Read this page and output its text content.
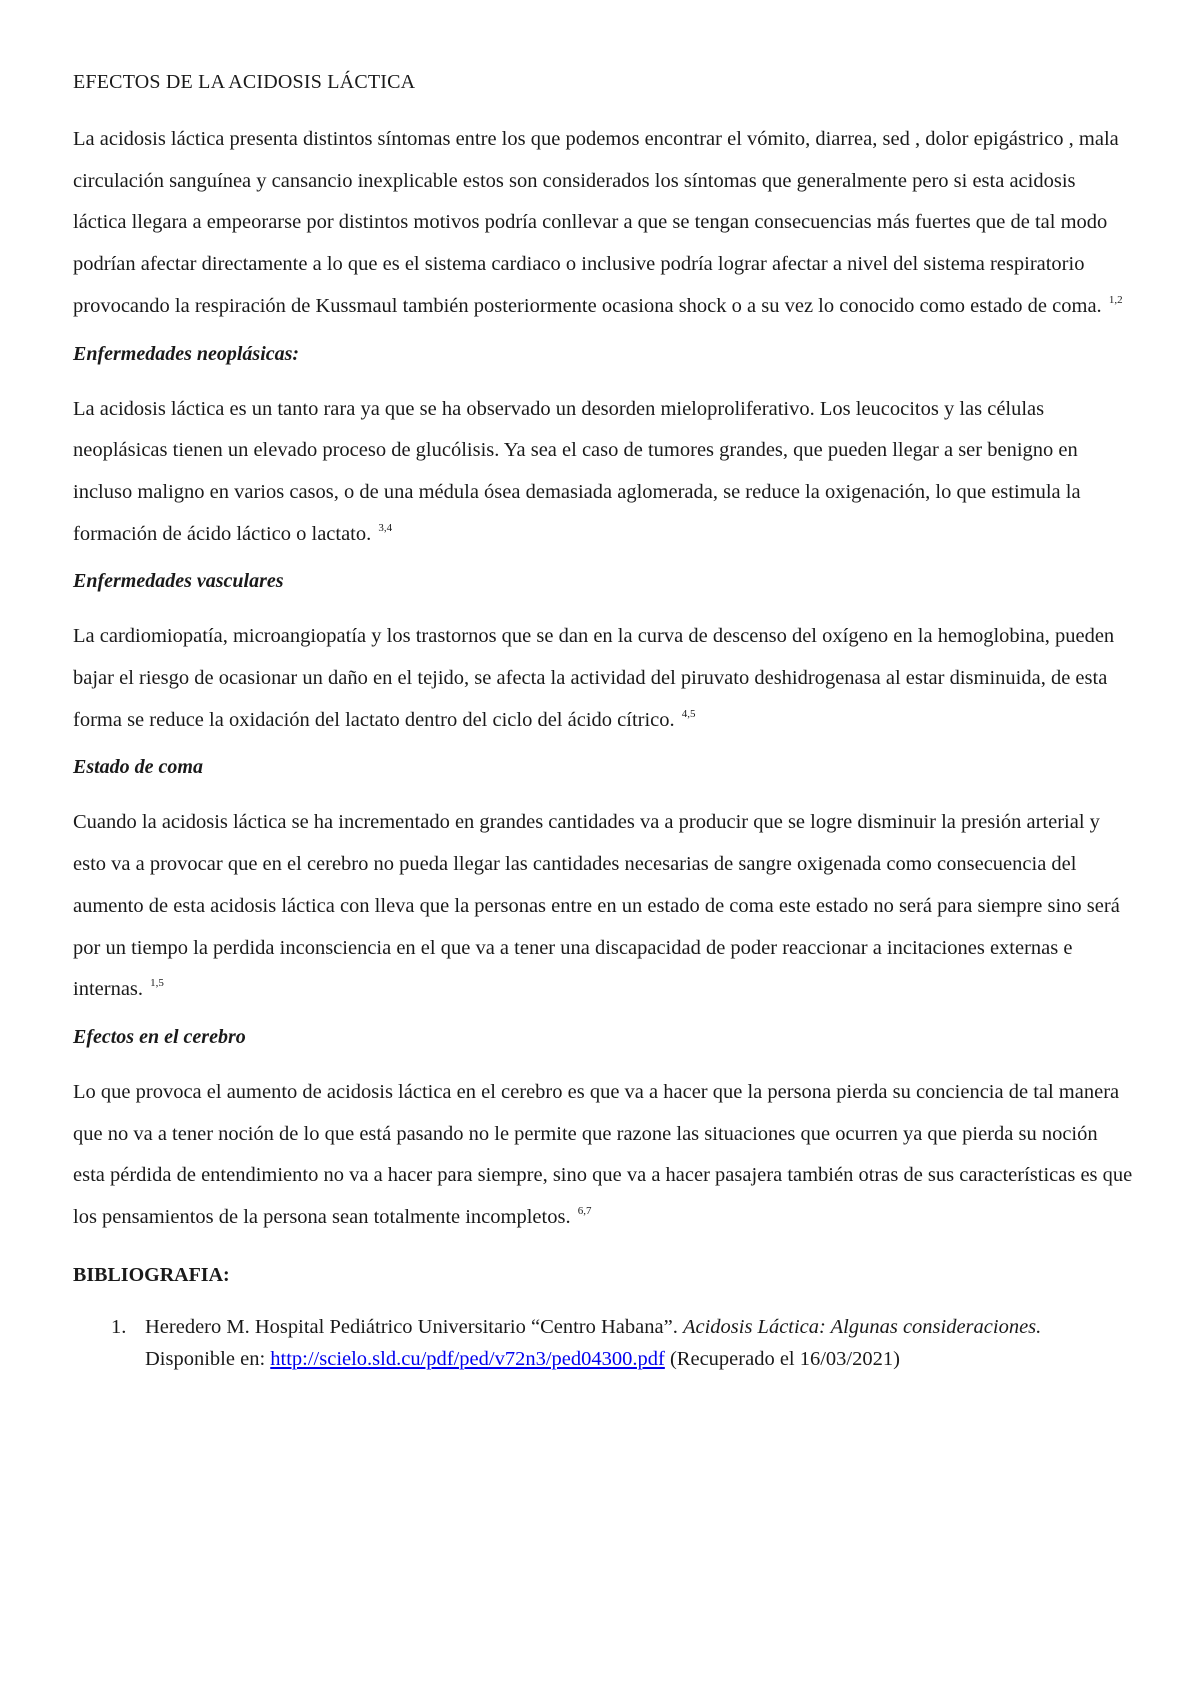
EFECTOS DE LA ACIDOSIS LÁCTICA

La acidosis láctica presenta distintos síntomas entre los que podemos encontrar el vómito, diarrea, sed , dolor epigástrico , mala circulación sanguínea y cansancio inexplicable estos son considerados los síntomas que generalmente pero si esta acidosis láctica llegara a empeorarse por distintos motivos podría conllevar a que se tengan consecuencias más fuertes que de tal modo podrían afectar directamente a lo que es el sistema cardiaco o inclusive podría lograr afectar a nivel del sistema respiratorio provocando la respiración de Kussmaul también posteriormente ocasiona shock o a su vez lo conocido como estado de coma. $^{1,2}$

Enfermedades neoplásicas:

La acidosis láctica es un tanto rara ya que se ha observado un desorden mieloproliferativo. Los leucocitos y las células neoplásicas tienen un elevado proceso de glucólisis. Ya sea el caso de tumores grandes, que pueden llegar a ser benigno en incluso maligno en varios casos, o de una médula ósea demasiada aglomerada, se reduce la oxigenación, lo que estimula la formación de ácido láctico o lactato. $^{3,4}$

Enfermedades vasculares

La cardiomiopatía, microangiopatía y los trastornos que se dan en la curva de descenso del oxígeno en la hemoglobina, pueden bajar el riesgo de ocasionar un daño en el tejido, se afecta la actividad del piruvato deshidrogenasa al estar disminuida, de esta forma se reduce la oxidación del lactato dentro del ciclo del ácido cítrico. $^{4,5}$

Estado de coma

Cuando la acidosis láctica se ha incrementado en grandes cantidades va a producir que se logre disminuir la presión arterial y esto va a provocar que en el cerebro no pueda llegar las cantidades necesarias de sangre oxigenada como consecuencia del aumento de esta acidosis láctica con lleva que la personas entre en un estado de coma este estado no será para siempre sino será por un tiempo la perdida inconsciencia en el que va a tener una discapacidad de poder reaccionar a incitaciones externas e internas. $^{1,5}$

Efectos en el cerebro

Lo que provoca el aumento de acidosis láctica en el cerebro es que va a hacer que la persona pierda su conciencia de tal manera que no va a tener noción de lo que está pasando no le permite que razone las situaciones que ocurren ya que pierda su noción esta pérdida de entendimiento no va a hacer para siempre, sino que va a hacer pasajera también otras de sus características es que los pensamientos de la persona sean totalmente incompletos. $^{6,7}$

BIBLIOGRAFIA:
1. Heredero M. Hospital Pediátrico Universitario “Centro Habana”. Acidosis Láctica: Algunas consideraciones. Disponible en: http://scielo.sld.cu/pdf/ped/v72n3/ped04300.pdf (Recuperado el 16/03/2021)
